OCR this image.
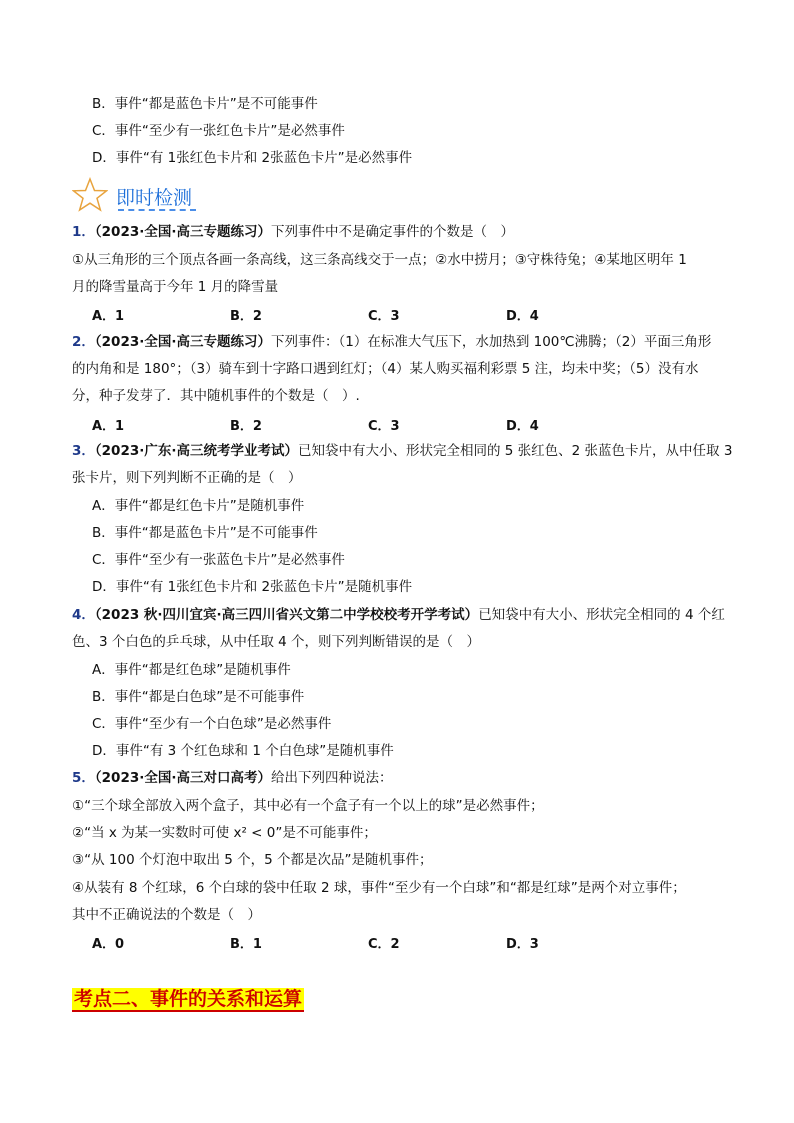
B．事件“都是蓝色卡片”是不可能事件
C．事件“至少有一张红色卡片”是必然事件
D．事件“有 1张红色卡片和 2张蓝色卡片”是必然事件
即时检测
1．（2023·全国·高三专题练习）下列事件中不是确定事件的个数是（　）
①从三角形的三个顶点各画一条高线，这三条高线交于一点；②水中捞月；③守株待兔；④某地区明年 1
月的降雪量高于今年 1 月的降雪量
A．1	B．2	C．3	D．4
2．（2023·全国·高三专题练习）下列事件：（1）在标准大气压下，水加热到 100℃沸腾；（2）平面三角形
的内角和是 180°；（3）骑车到十字路口遇到红灯；（4）某人购买福利彩票 5 注，均未中奖；（5）没有水
分，种子发芽了．其中随机事件的个数是（　）.
A．1	B．2	C．3	D．4
3．（2023·广东·高三统考学业考试）已知袋中有大小、形状完全相同的 5 张红色、2 张蓝色卡片，从中任取 3
张卡片，则下列判断不正确的是（　）
A．事件“都是红色卡片”是随机事件
B．事件“都是蓝色卡片”是不可能事件
C．事件“至少有一张蓝色卡片”是必然事件
D．事件“有 1张红色卡片和 2张蓝色卡片”是随机事件
4．（2023 秋·四川宜宾·高三四川省兴文第二中学校校考开学考试）已知袋中有大小、形状完全相同的 4 个红
色、3 个白色的乒乓球，从中任取 4 个，则下列判断错误的是（　）
A．事件“都是红色球”是随机事件
B．事件“都是白色球”是不可能事件
C．事件“至少有一个白色球”是必然事件
D．事件“有 3 个红色球和 1 个白色球”是随机事件
5．（2023·全国·高三对口高考）给出下列四种说法：
①“三个球全部放入两个盒子，其中必有一个盒子有一个以上的球”是必然事件；
②“当 x 为某一实数时可使 x² < 0”是不可能事件；
③“从 100 个灯泡中取出 5 个，5 个都是次品”是随机事件；
④从装有 8 个红球，6 个白球的袋中任取 2 球，事件“至少有一个白球”和“都是红球”是两个对立事件；
其中不正确说法的个数是（　）
A．0	B．1	C．2	D．3
考点二、事件的关系和运算
